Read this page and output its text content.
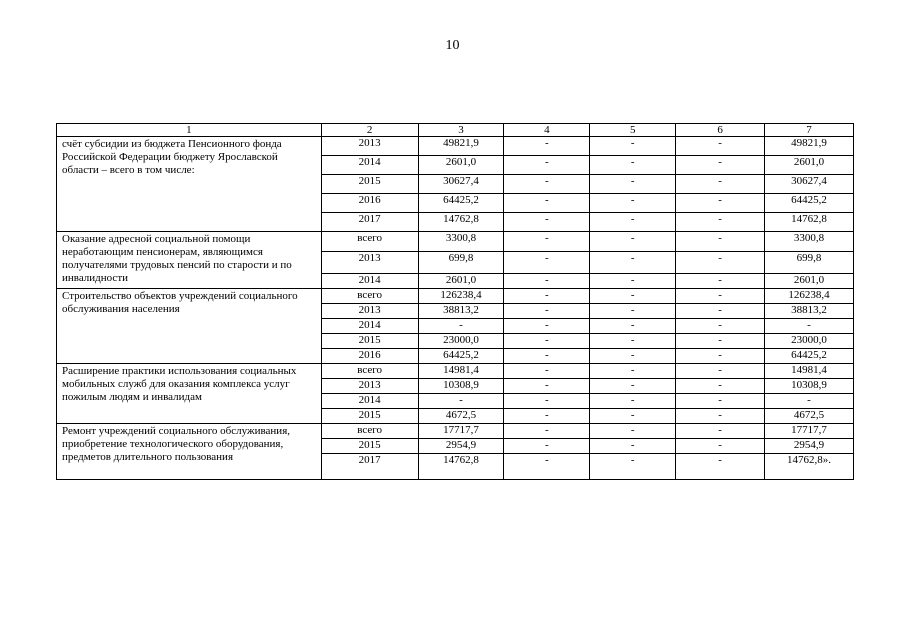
10
1	2	3	4	5	6	7
счёт субсидии из бюджета Пенсионного фонда Российской Федерации бюджету Ярославской области – всего в том числе:	2013	49821,9	-	-	-	49821,9
	2014	2601,0	-	-	-	2601,0
	2015	30627,4	-	-	-	30627,4
	2016	64425,2	-	-	-	64425,2
	2017	14762,8	-	-	-	14762,8
Оказание адресной социальной помощи неработающим пенсионерам, являющимся получателями трудовых пенсий по старости и по инвалидности	всего	3300,8	-	-	-	3300,8
	2013	699,8	-	-	-	699,8
	2014	2601,0	-	-	-	2601,0
Строительство объектов учреждений социального обслуживания населения	всего	126238,4	-	-	-	126238,4
	2013	38813,2	-	-	-	38813,2
	2014	-	-	-	-	-
	2015	23000,0	-	-	-	23000,0
	2016	64425,2	-	-	-	64425,2
Расширение практики использования социальных мобильных служб для оказания комплекса услуг пожилым людям и инвалидам	всего	14981,4	-	-	-	14981,4
	2013	10308,9	-	-	-	10308,9
	2014	-	-	-	-	-
	2015	4672,5	-	-	-	4672,5
Ремонт учреждений социального обслуживания, приобретение технологического оборудования, предметов длительного пользования	всего	17717,7	-	-	-	17717,7
	2015	2954,9	-	-	-	2954,9
	2017	14762,8	-	-	-	14762,8».
